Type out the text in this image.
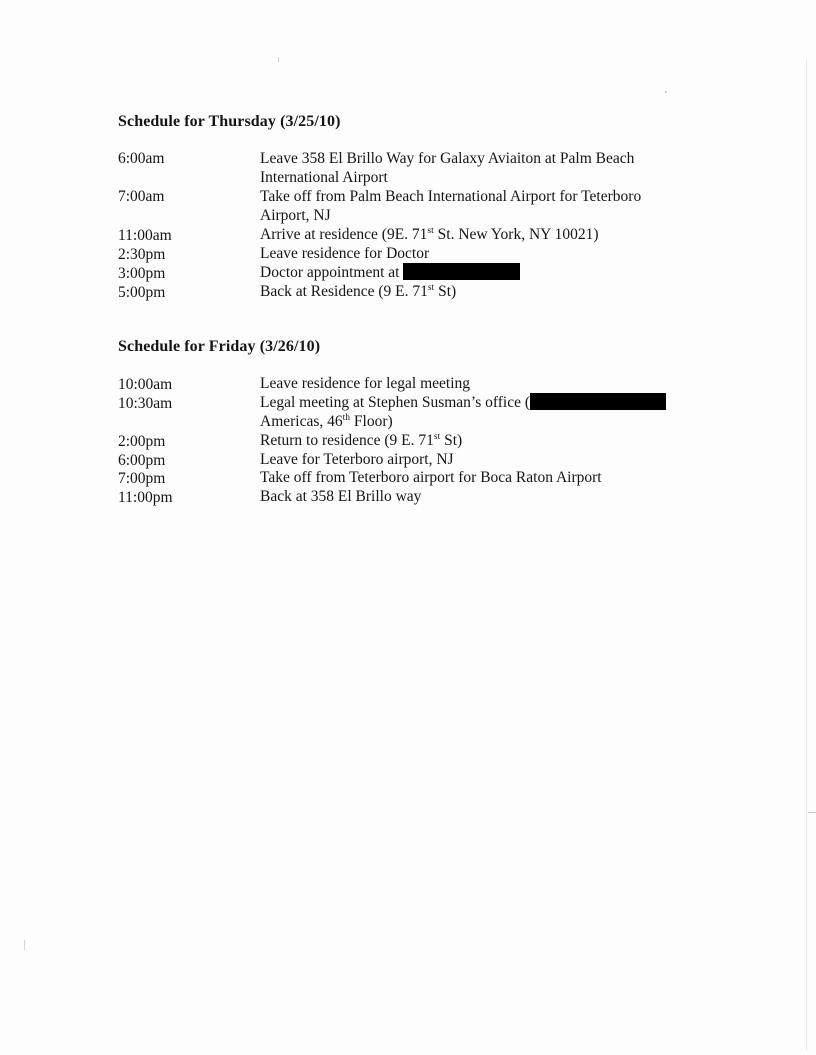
Schedule for Thursday (3/25/10)
6:00am	Leave 358 El Brillo Way for Galaxy Aviaiton at Palm Beach
International Airport
7:00am	Take off from Palm Beach International Airport for Teterboro
Airport, NJ
11:00am	Arrive at residence (9E. 71st St. New York, NY 10021)
2:30pm	Leave residence for Doctor
3:00pm	Doctor appointment at
5:00pm	Back at Residence (9 E. 71st St)
Schedule for Friday (3/26/10)
10:00am	Leave residence for legal meeting
10:30am	Legal meeting at Stephen Susman’s office (
Americas, 46th Floor)
2:00pm	Return to residence (9 E. 71st St)
6:00pm	Leave for Teterboro airport, NJ
7:00pm	Take off from Teterboro airport for Boca Raton Airport
11:00pm	Back at 358 El Brillo way
